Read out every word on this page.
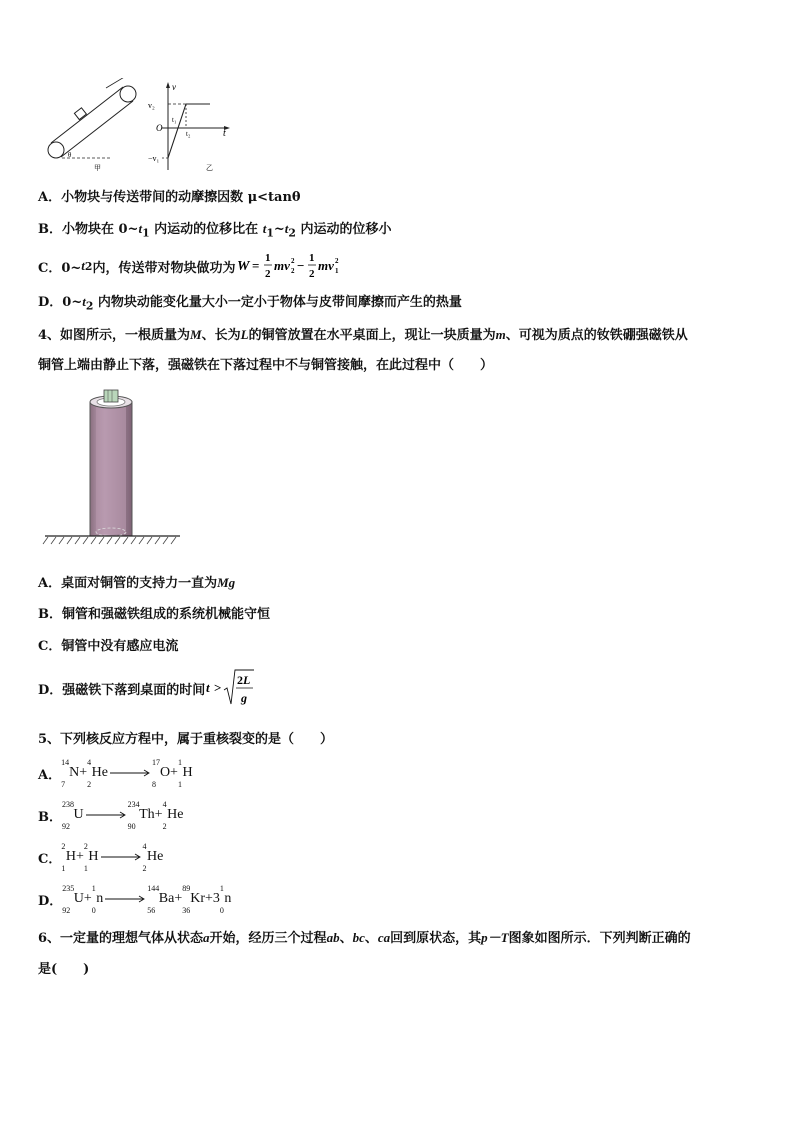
θ
甲
v
t
v₂
O
−v₁
t₁
t₂
乙
A．小物块与传送带间的动摩擦因数 μ<tanθ
B．小物块在 $0\sim t_1$ 内运动的位移比在 $t_1\sim t_2$ 内运动的位移小
C．0~ t 2 内，传送带对物块做功为 W = 1
2
mv 2
2 − 1
2
mv 2
1
D．$0\sim t_2$ 内物块动能变化量大小一定小于物体与皮带间摩擦而产生的热量
4、如图所示，一根质量为M、长为L的铜管放置在水平桌面上，现让一块质量为m、可视为质点的钕铁硼强磁铁从
铜管上端由静止下落，强磁铁在下落过程中不与铜管接触，在此过程中（　　）
A．桌面对铜管的支持力一直为Mg
B．铜管和强磁铁组成的系统机械能守恒
C．铜管中没有感应电流
D．强磁铁下落到桌面的时间 t > 2L
g
5、下列核反应方程中，属于重核裂变的是（　　）
A．
14
7
N+
4
2
He
17
8
O+
1
1
H
B．
238
92
U
234
90
Th+
4
2
He
C．
2
1
H+
2
1
H
4
2
He
D．
235
92
U+
1
0
n
144
56
Ba+
89
36
Kr+3
1
0
n
6、一定量的理想气体从状态a开始，经历三个过程ab、bc、ca回到原状态，其p－T图象如图所示．下列判断正确的
是(　　)
